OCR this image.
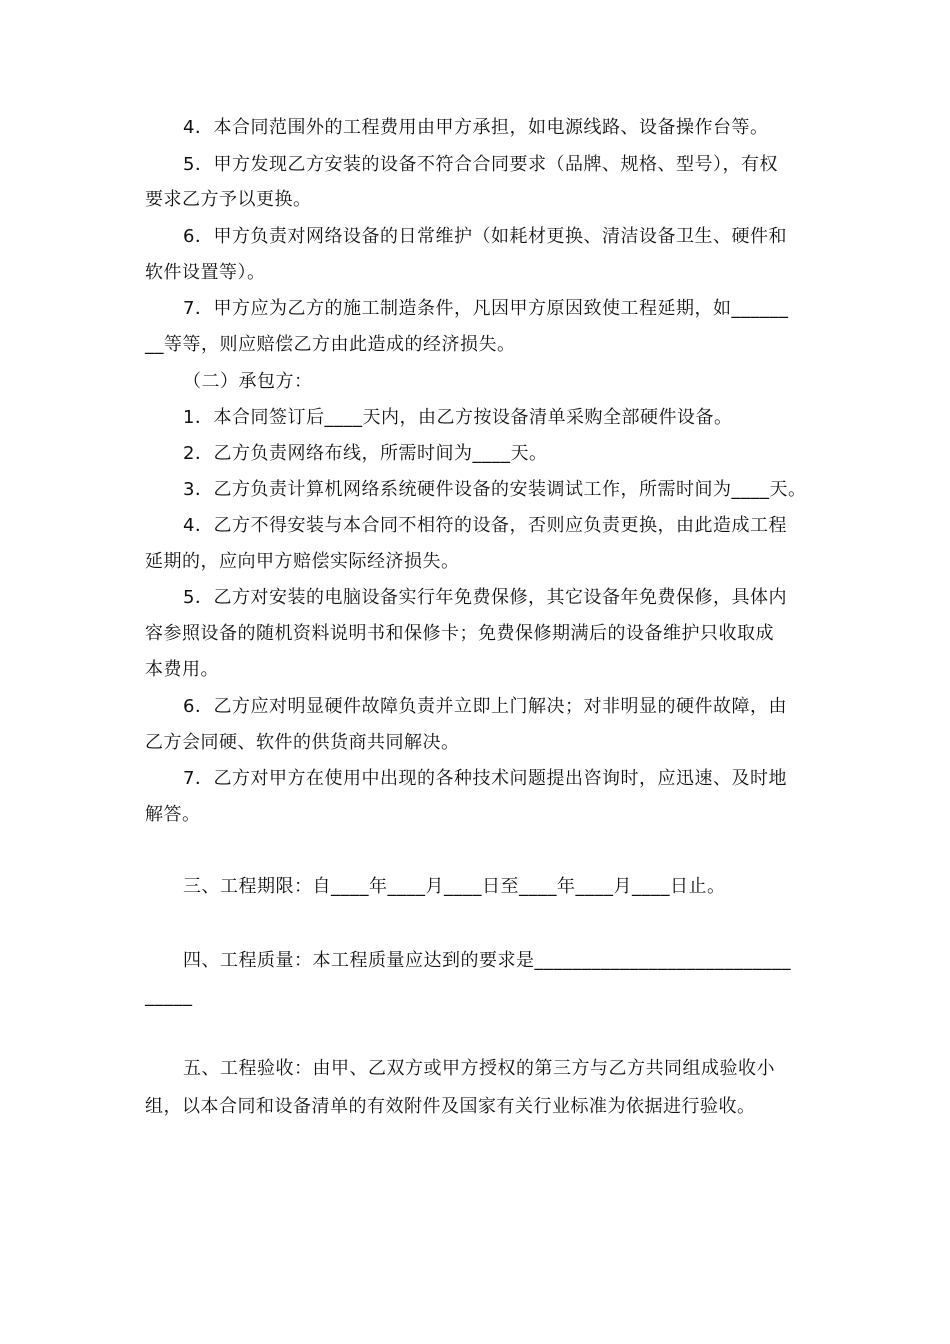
4．本合同范围外的工程费用由甲方承担，如电源线路、设备操作台等。
5．甲方发现乙方安装的设备不符合合同要求（品牌、规格、型号），有权
要求乙方予以更换。
6．甲方负责对网络设备的日常维护（如耗材更换、清洁设备卫生、硬件和
软件设置等）。
7．甲方应为乙方的施工制造条件，凡因甲方原因致使工程延期，如______
__等等，则应赔偿乙方由此造成的经济损失。
（二）承包方：
1．本合同签订后____天内，由乙方按设备清单采购全部硬件设备。
2．乙方负责网络布线，所需时间为____天。
3．乙方负责计算机网络系统硬件设备的安装调试工作，所需时间为____天。
4．乙方不得安装与本合同不相符的设备，否则应负责更换，由此造成工程
延期的，应向甲方赔偿实际经济损失。
5．乙方对安装的电脑设备实行年免费保修，其它设备年免费保修，具体内
容参照设备的随机资料说明书和保修卡；免费保修期满后的设备维护只收取成
本费用。
6．乙方应对明显硬件故障负责并立即上门解决；对非明显的硬件故障，由
乙方会同硬、软件的供货商共同解决。
7．乙方对甲方在使用中出现的各种技术问题提出咨询时，应迅速、及时地
解答。
三、工程期限：自____年____月____日至____年____月____日止。
四、工程质量：本工程质量应达到的要求是___________________________
_____
五、工程验收：由甲、乙双方或甲方授权的第三方与乙方共同组成验收小
组，以本合同和设备清单的有效附件及国家有关行业标准为依据进行验收。
